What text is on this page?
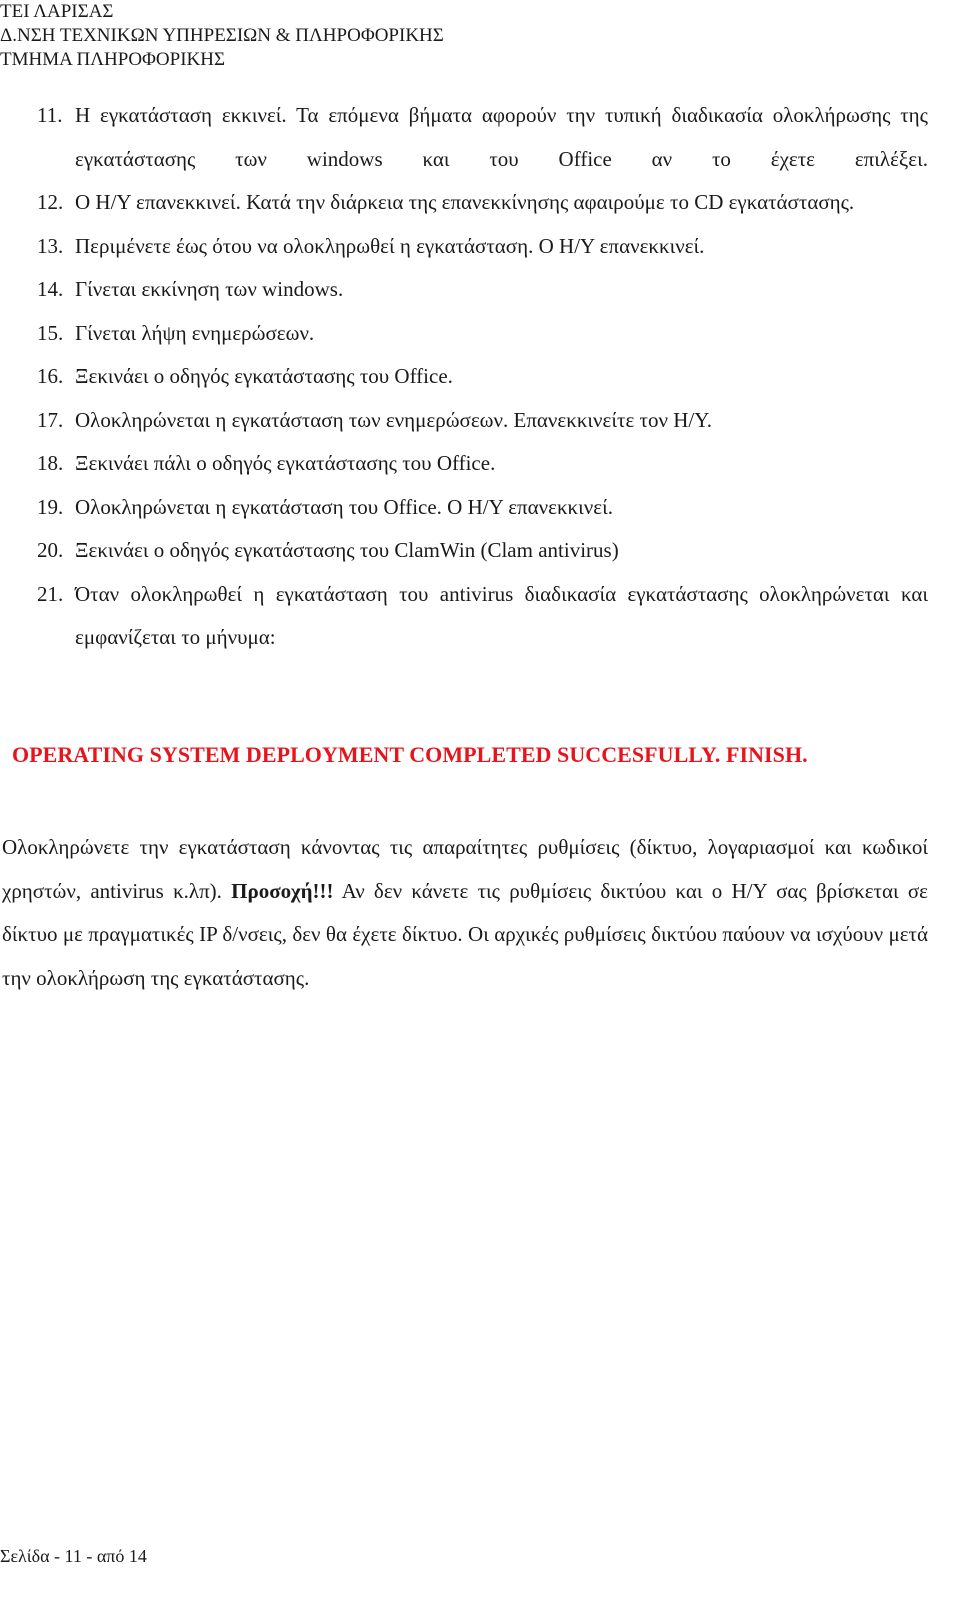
ΤΕΙ ΛΑΡΙΣΑΣ
Δ.ΝΣΗ ΤΕΧΝΙΚΩΝ ΥΠΗΡΕΣΙΩΝ & ΠΛΗΡΟΦΟΡΙΚΗΣ
ΤΜΗΜΑ ΠΛΗΡΟΦΟΡΙΚΗΣ
11. Η εγκατάσταση εκκινεί. Τα επόμενα βήματα αφορούν την τυπική διαδικασία ολοκλήρωσης της εγκατάστασης των windows και του Office αν το έχετε επιλέξει.
12. Ο Η/Υ επανεκκινεί. Κατά την διάρκεια της επανεκκίνησης αφαιρούμε το CD εγκατάστασης.
13. Περιμένετε έως ότου να ολοκληρωθεί η εγκατάσταση. Ο Η/Υ επανεκκινεί.
14. Γίνεται εκκίνηση των windows.
15. Γίνεται λήψη ενημερώσεων.
16. Ξεκινάει ο οδηγός εγκατάστασης του Office.
17. Ολοκληρώνεται η εγκατάσταση των ενημερώσεων. Επανεκκινείτε τον Η/Υ.
18. Ξεκινάει πάλι ο οδηγός εγκατάστασης του Office.
19. Ολοκληρώνεται η εγκατάσταση του Office. Ο Η/Υ επανεκκινεί.
20. Ξεκινάει ο οδηγός εγκατάστασης του ClamWin (Clam antivirus)
21. Όταν ολοκληρωθεί η εγκατάσταση του antivirus διαδικασία εγκατάστασης ολοκληρώνεται και εμφανίζεται το μήνυμα:
OPERATING SYSTEM DEPLOYMENT COMPLETED SUCCESFULLY. FINISH.
Ολοκληρώνετε την εγκατάσταση κάνοντας τις απαραίτητες ρυθμίσεις (δίκτυο, λογαριασμοί και κωδικοί χρηστών, antivirus κ.λπ). Προσοχή!!! Αν δεν κάνετε τις ρυθμίσεις δικτύου και ο Η/Υ σας βρίσκεται σε δίκτυο με πραγματικές IP δ/νσεις, δεν θα έχετε δίκτυο. Οι αρχικές ρυθμίσεις δικτύου παύουν να ισχύουν μετά την ολοκλήρωση της εγκατάστασης.
Σελίδα - 11 - από 14
